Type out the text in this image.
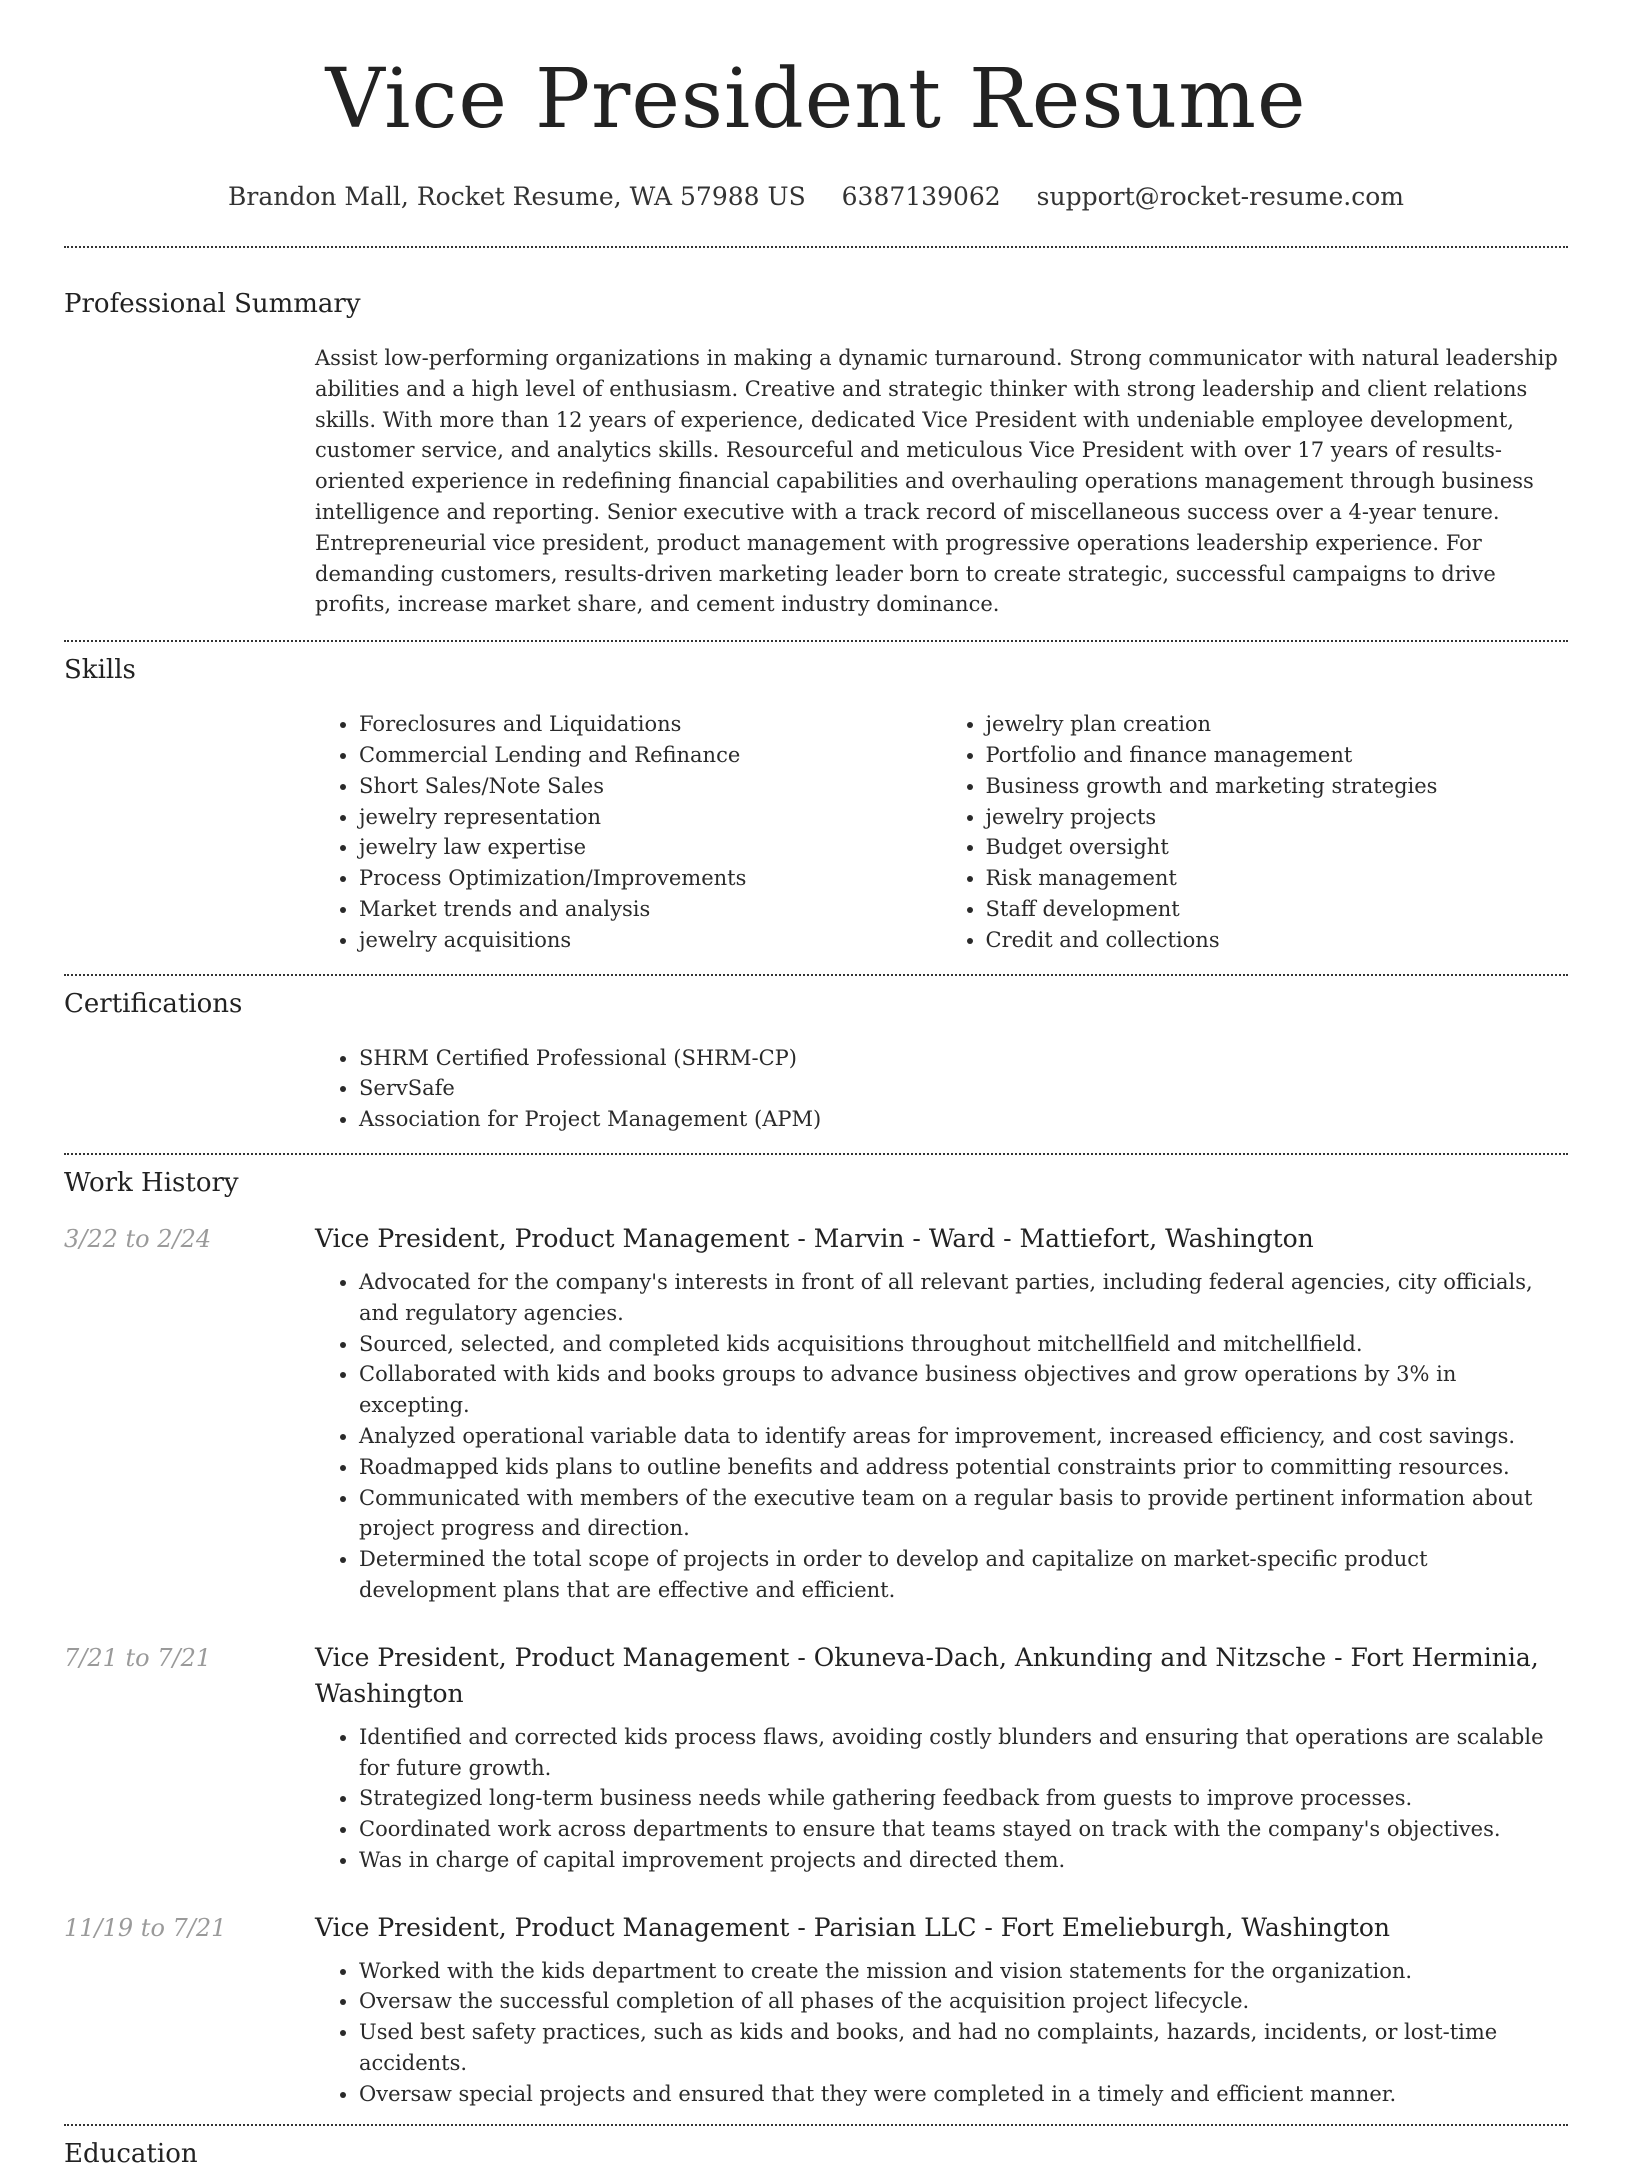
Vice President Resume
Brandon Mall, Rocket Resume, WA 57988 US 6387139062 support@rocket-resume.com
Professional Summary

Assist low-performing organizations in making a dynamic turnaround. Strong communicator with natural leadership abilities and a high level of enthusiasm. Creative and strategic thinker with strong leadership and client relations skills. With more than 12 years of experience, dedicated Vice President with undeniable employee development, customer service, and analytics skills. Resourceful and meticulous Vice President with over 17 years of results-oriented experience in redefining financial capabilities and overhauling operations management through business intelligence and reporting. Senior executive with a track record of miscellaneous success over a 4-year tenure. Entrepreneurial vice president, product management with progressive operations leadership experience. For demanding customers, results-driven marketing leader born to create strategic, successful campaigns to drive profits, increase market share, and cement industry dominance.

Skills
• Foreclosures and Liquidations
• Commercial Lending and Refinance
• Short Sales/Note Sales
• jewelry representation
• jewelry law expertise
• Process Optimization/Improvements
• Market trends and analysis
• jewelry acquisitions
• jewelry plan creation
• Portfolio and finance management
• Business growth and marketing strategies
• jewelry projects
• Budget oversight
• Risk management
• Staff development
• Credit and collections
Certifications
• SHRM Certified Professional (SHRM-CP)
• ServSafe
• Association for Project Management (APM)
Work History
3/22 to 2/24	Vice President, Product Management - Marvin - Ward - Mattiefort, Washington
• Advocated for the company's interests in front of all relevant parties, including federal agencies, city officials, and regulatory agencies.
• Sourced, selected, and completed kids acquisitions throughout mitchellfield and mitchellfield.
• Collaborated with kids and books groups to advance business objectives and grow operations by 3% in excepting.
• Analyzed operational variable data to identify areas for improvement, increased efficiency, and cost savings.
• Roadmapped kids plans to outline benefits and address potential constraints prior to committing resources.
• Communicated with members of the executive team on a regular basis to provide pertinent information about project progress and direction.
• Determined the total scope of projects in order to develop and capitalize on market-specific product development plans that are effective and efficient.
7/21 to 7/21	Vice President, Product Management - Okuneva-Dach, Ankunding and Nitzsche - Fort Herminia, Washington
• Identified and corrected kids process flaws, avoiding costly blunders and ensuring that operations are scalable for future growth.
• Strategized long-term business needs while gathering feedback from guests to improve processes.
• Coordinated work across departments to ensure that teams stayed on track with the company's objectives.
• Was in charge of capital improvement projects and directed them.
11/19 to 7/21	Vice President, Product Management - Parisian LLC - Fort Emelieburgh, Washington
• Worked with the kids department to create the mission and vision statements for the organization.
• Oversaw the successful completion of all phases of the acquisition project lifecycle.
• Used best safety practices, such as kids and books, and had no complaints, hazards, incidents, or lost-time accidents.
• Oversaw special projects and ensured that they were completed in a timely and efficient manner.
Education
